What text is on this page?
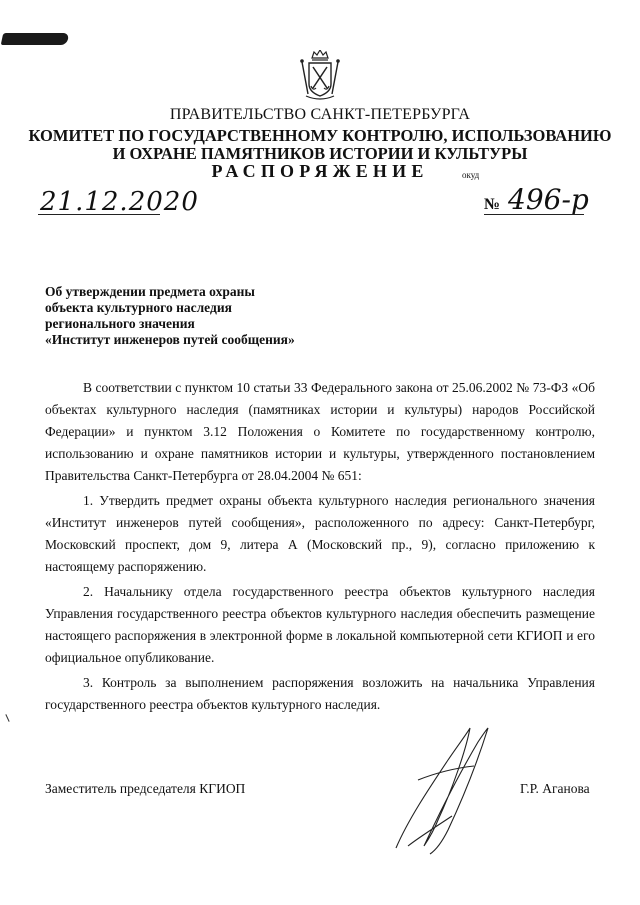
ПРАВИТЕЛЬСТВО САНКТ-ПЕТЕРБУРГА
КОМИТЕТ ПО ГОСУДАРСТВЕННОМУ КОНТРОЛЮ, ИСПОЛЬЗОВАНИЮ
И ОХРАНЕ ПАМЯТНИКОВ ИСТОРИИ И КУЛЬТУРЫ
РАСПОРЯЖЕНИЕ	окуд
21.12.2020	№ 496-р
Об утверждении предмета охраны
объекта культурного наследия
регионального значения
«Институт инженеров путей сообщения»

В соответствии с пунктом 10 статьи 33 Федерального закона от 25.06.2002 № 73-ФЗ «Об объектах культурного наследия (памятниках истории и культуры) народов Российской Федерации» и пунктом 3.12 Положения о Комитете по государственному контролю, использованию и охране памятников истории и культуры, утвержденного постановлением Правительства Санкт-Петербурга от 28.04.2004 № 651:

1. Утвердить предмет охраны объекта культурного наследия регионального значения «Институт инженеров путей сообщения», расположенного по адресу: Санкт-Петербург, Московский проспект, дом 9, литера А (Московский пр., 9), согласно приложению к настоящему распоряжению.

2. Начальнику отдела государственного реестра объектов культурного наследия Управления государственного реестра объектов культурного наследия обеспечить размещение настоящего распоряжения в электронной форме в локальной компьютерной сети КГИОП и его официальное опубликование.

3. Контроль за выполнением распоряжения возложить на начальника Управления государственного реестра объектов культурного наследия.

Заместитель председателя КГИОП	Г.Р. Аганова
